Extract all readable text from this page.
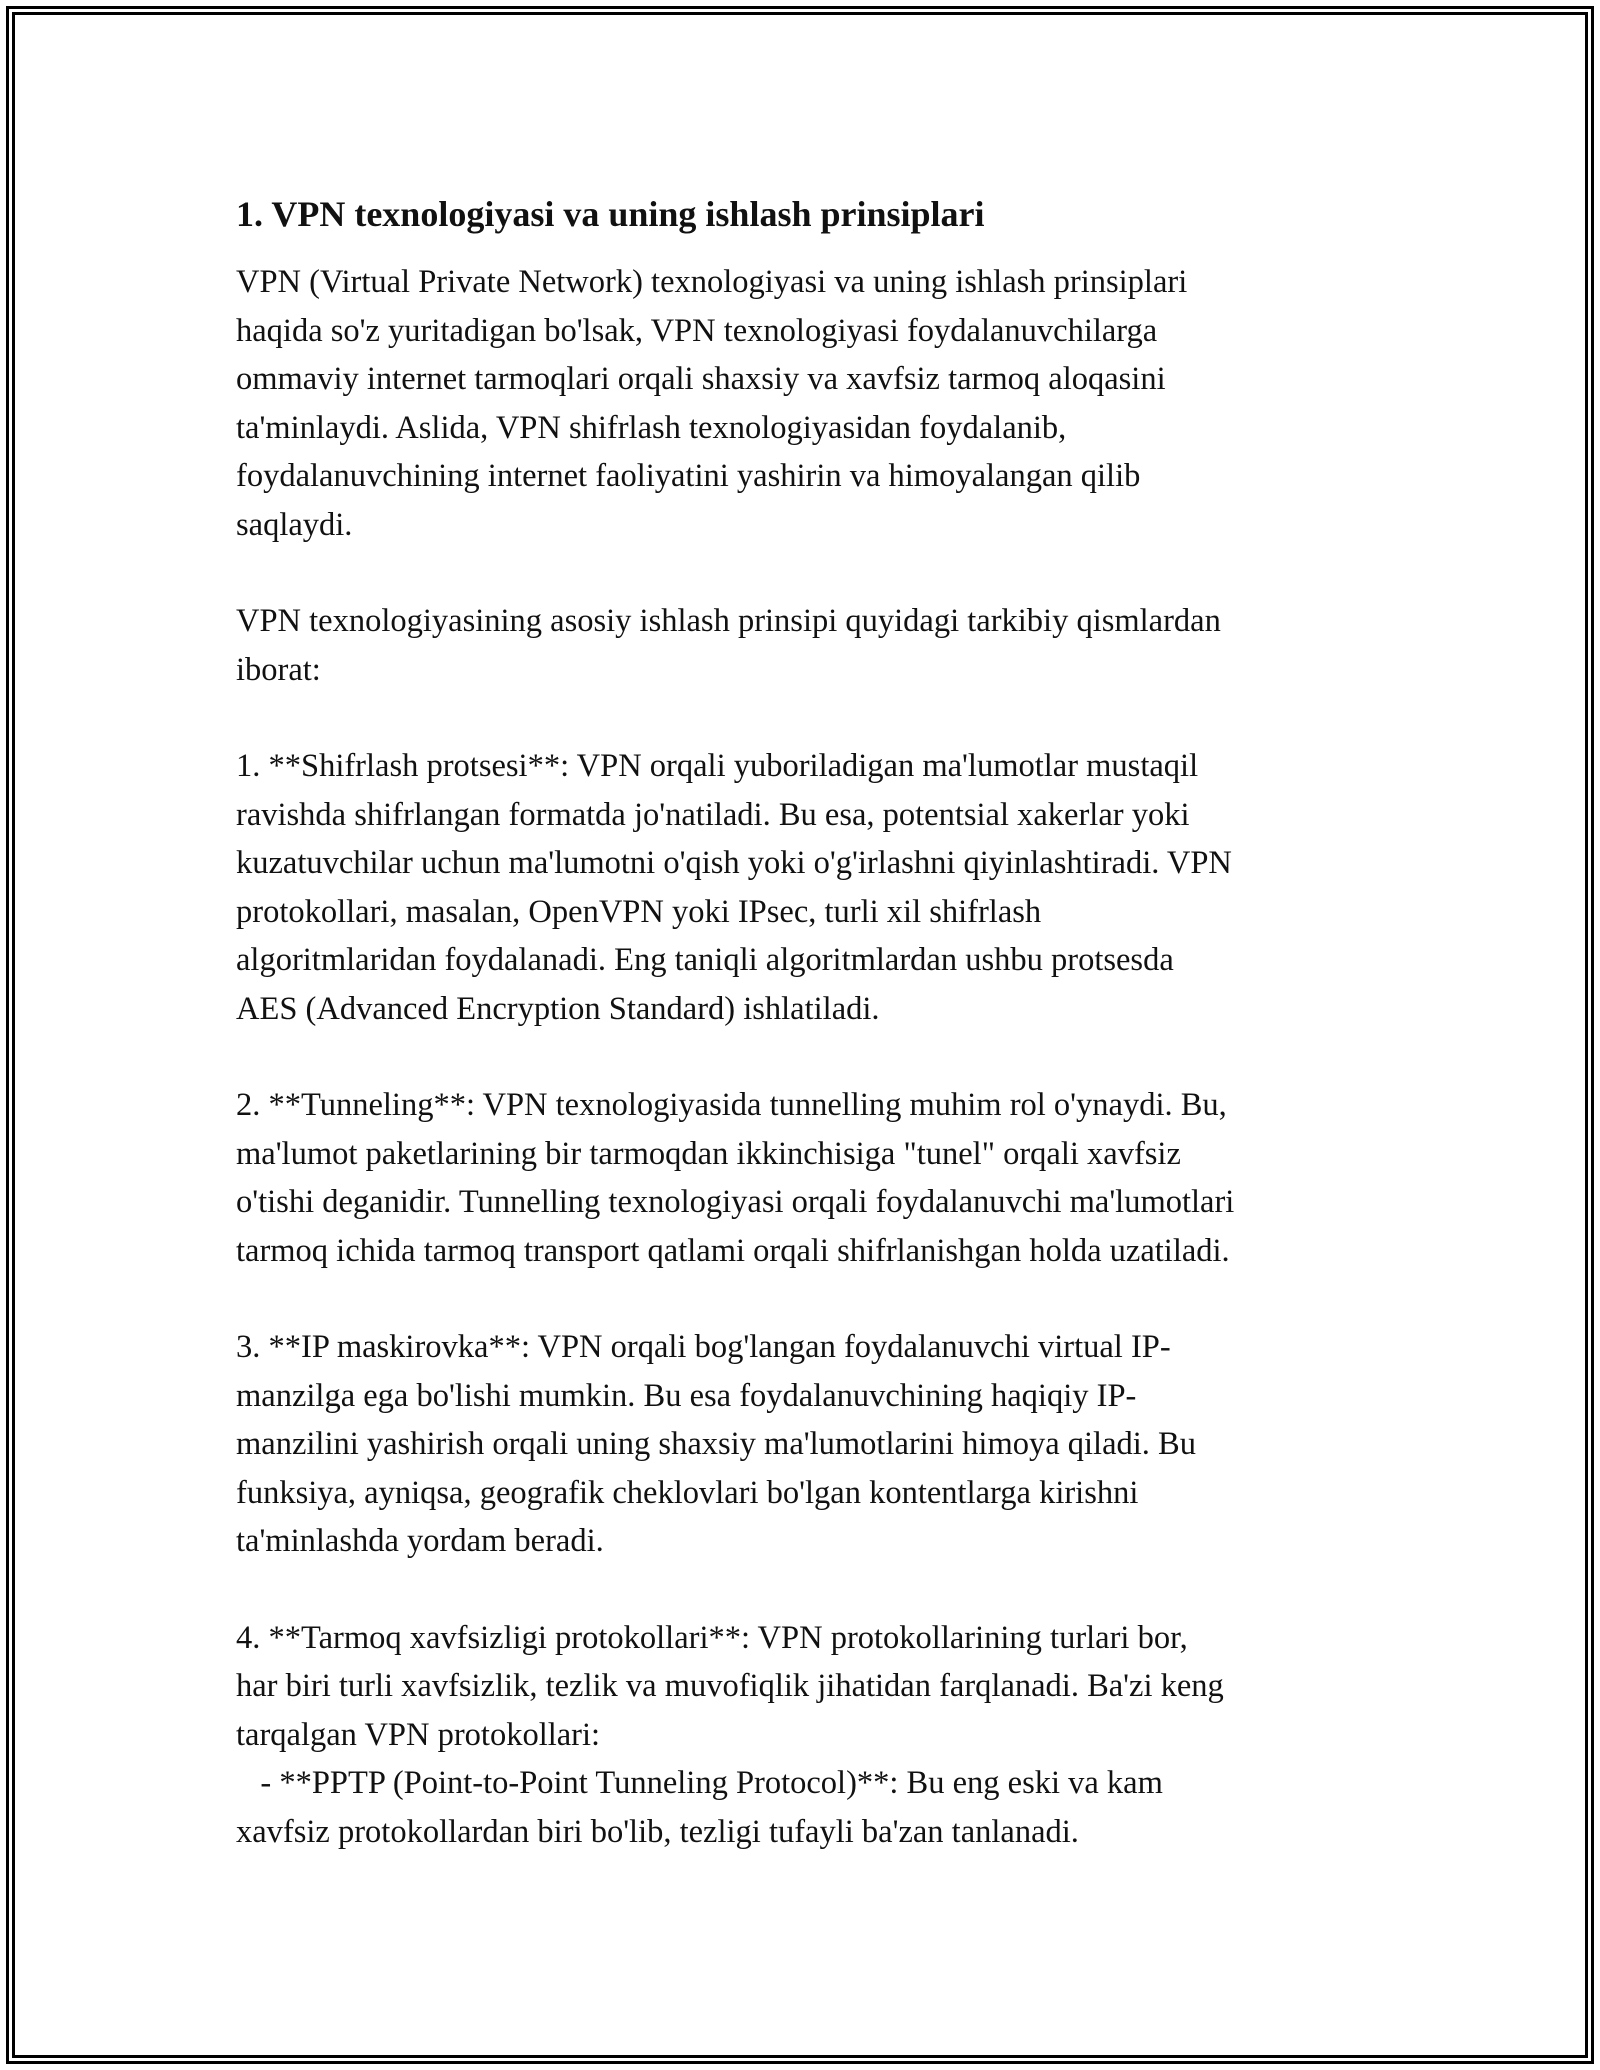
1. VPN texnologiyasi va uning ishlash prinsiplari
VPN (Virtual Private Network) texnologiyasi va uning ishlash prinsiplari
haqida so'z yuritadigan bo'lsak, VPN texnologiyasi foydalanuvchilarga
ommaviy internet tarmoqlari orqali shaxsiy va xavfsiz tarmoq aloqasini
ta'minlaydi. Aslida, VPN shifrlash texnologiyasidan foydalanib,
foydalanuvchining internet faoliyatini yashirin va himoyalangan qilib
saqlaydi.
VPN texnologiyasining asosiy ishlash prinsipi quyidagi tarkibiy qismlardan
iborat:
1. **Shifrlash protsesi**: VPN orqali yuboriladigan ma'lumotlar mustaqil
ravishda shifrlangan formatda jo'natiladi. Bu esa, potentsial xakerlar yoki
kuzatuvchilar uchun ma'lumotni o'qish yoki o'g'irlashni qiyinlashtiradi. VPN
protokollari, masalan, OpenVPN yoki IPsec, turli xil shifrlash
algoritmlaridan foydalanadi. Eng taniqli algoritmlardan ushbu protsesda
AES (Advanced Encryption Standard) ishlatiladi.
2. **Tunneling**: VPN texnologiyasida tunnelling muhim rol o'ynaydi. Bu,
ma'lumot paketlarining bir tarmoqdan ikkinchisiga "tunel" orqali xavfsiz
o'tishi deganidir. Tunnelling texnologiyasi orqali foydalanuvchi ma'lumotlari
tarmoq ichida tarmoq transport qatlami orqali shifrlanishgan holda uzatiladi.
3. **IP maskirovka**: VPN orqali bog'langan foydalanuvchi virtual IP-
manzilga ega bo'lishi mumkin. Bu esa foydalanuvchining haqiqiy IP-
manzilini yashirish orqali uning shaxsiy ma'lumotlarini himoya qiladi. Bu
funksiya, ayniqsa, geografik cheklovlari bo'lgan kontentlarga kirishni
ta'minlashda yordam beradi.
4. **Tarmoq xavfsizligi protokollari**: VPN protokollarining turlari bor,
har biri turli xavfsizlik, tezlik va muvofiqlik jihatidan farqlanadi. Ba'zi keng
tarqalgan VPN protokollari:
- **PPTP (Point-to-Point Tunneling Protocol)**: Bu eng eski va kam
xavfsiz protokollardan biri bo'lib, tezligi tufayli ba'zan tanlanadi.
